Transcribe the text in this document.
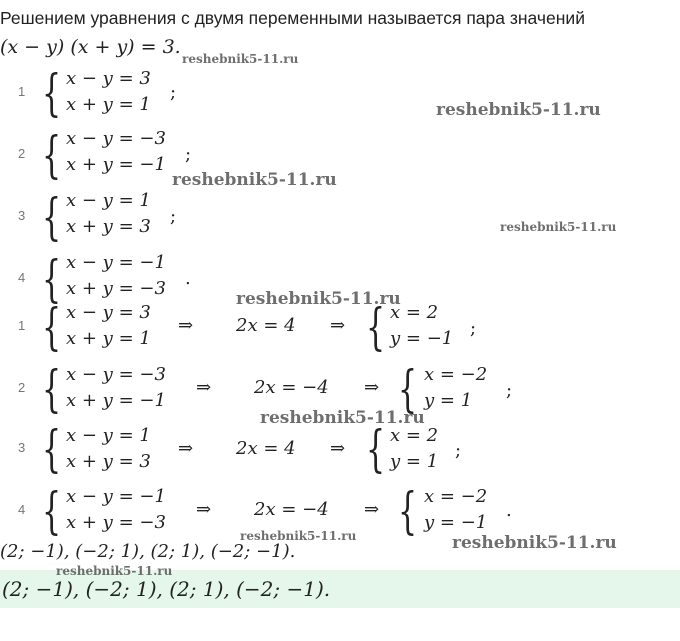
Решением уравнения с двумя переменными называется пара значений
(x − y) (x + y) = 3.
1 { x − y = 3
x + y = 1
;
2 { x − y = −3
x + y = −1 ;
3 { x − y = 1
x + y = 3 ;
4 { x − y = −1
x + y = −3 .
1 { x − y = 3
x + y = 1
⇒ 2x = 4 ⇒ { x = 2
y = −1 ;
2 { x − y = −3
x + y = −1
⇒ 2x = −4 ⇒ { x = −2
y = 1 ;
3 { x − y = 1
x + y = 3
⇒ 2x = 4 ⇒ { x = 2
y = 1
;
4 { x − y = −1
x + y = −3
⇒ 2x = −4 ⇒ { x = −2
y = −1
.
(2; −1), (−2; 1), (2; 1), (−2; −1).
(2; −1), (−2; 1), (2; 1), (−2; −1).
reshebnik5-11.ru
reshebnik5-11.ru
reshebnik5-11.ru
reshebnik5-11.ru
reshebnik5-11.ru
reshebnik5-11.ru
reshebnik5-11.ru	reshebnik5-11.ru
reshebnik5-11.ru
